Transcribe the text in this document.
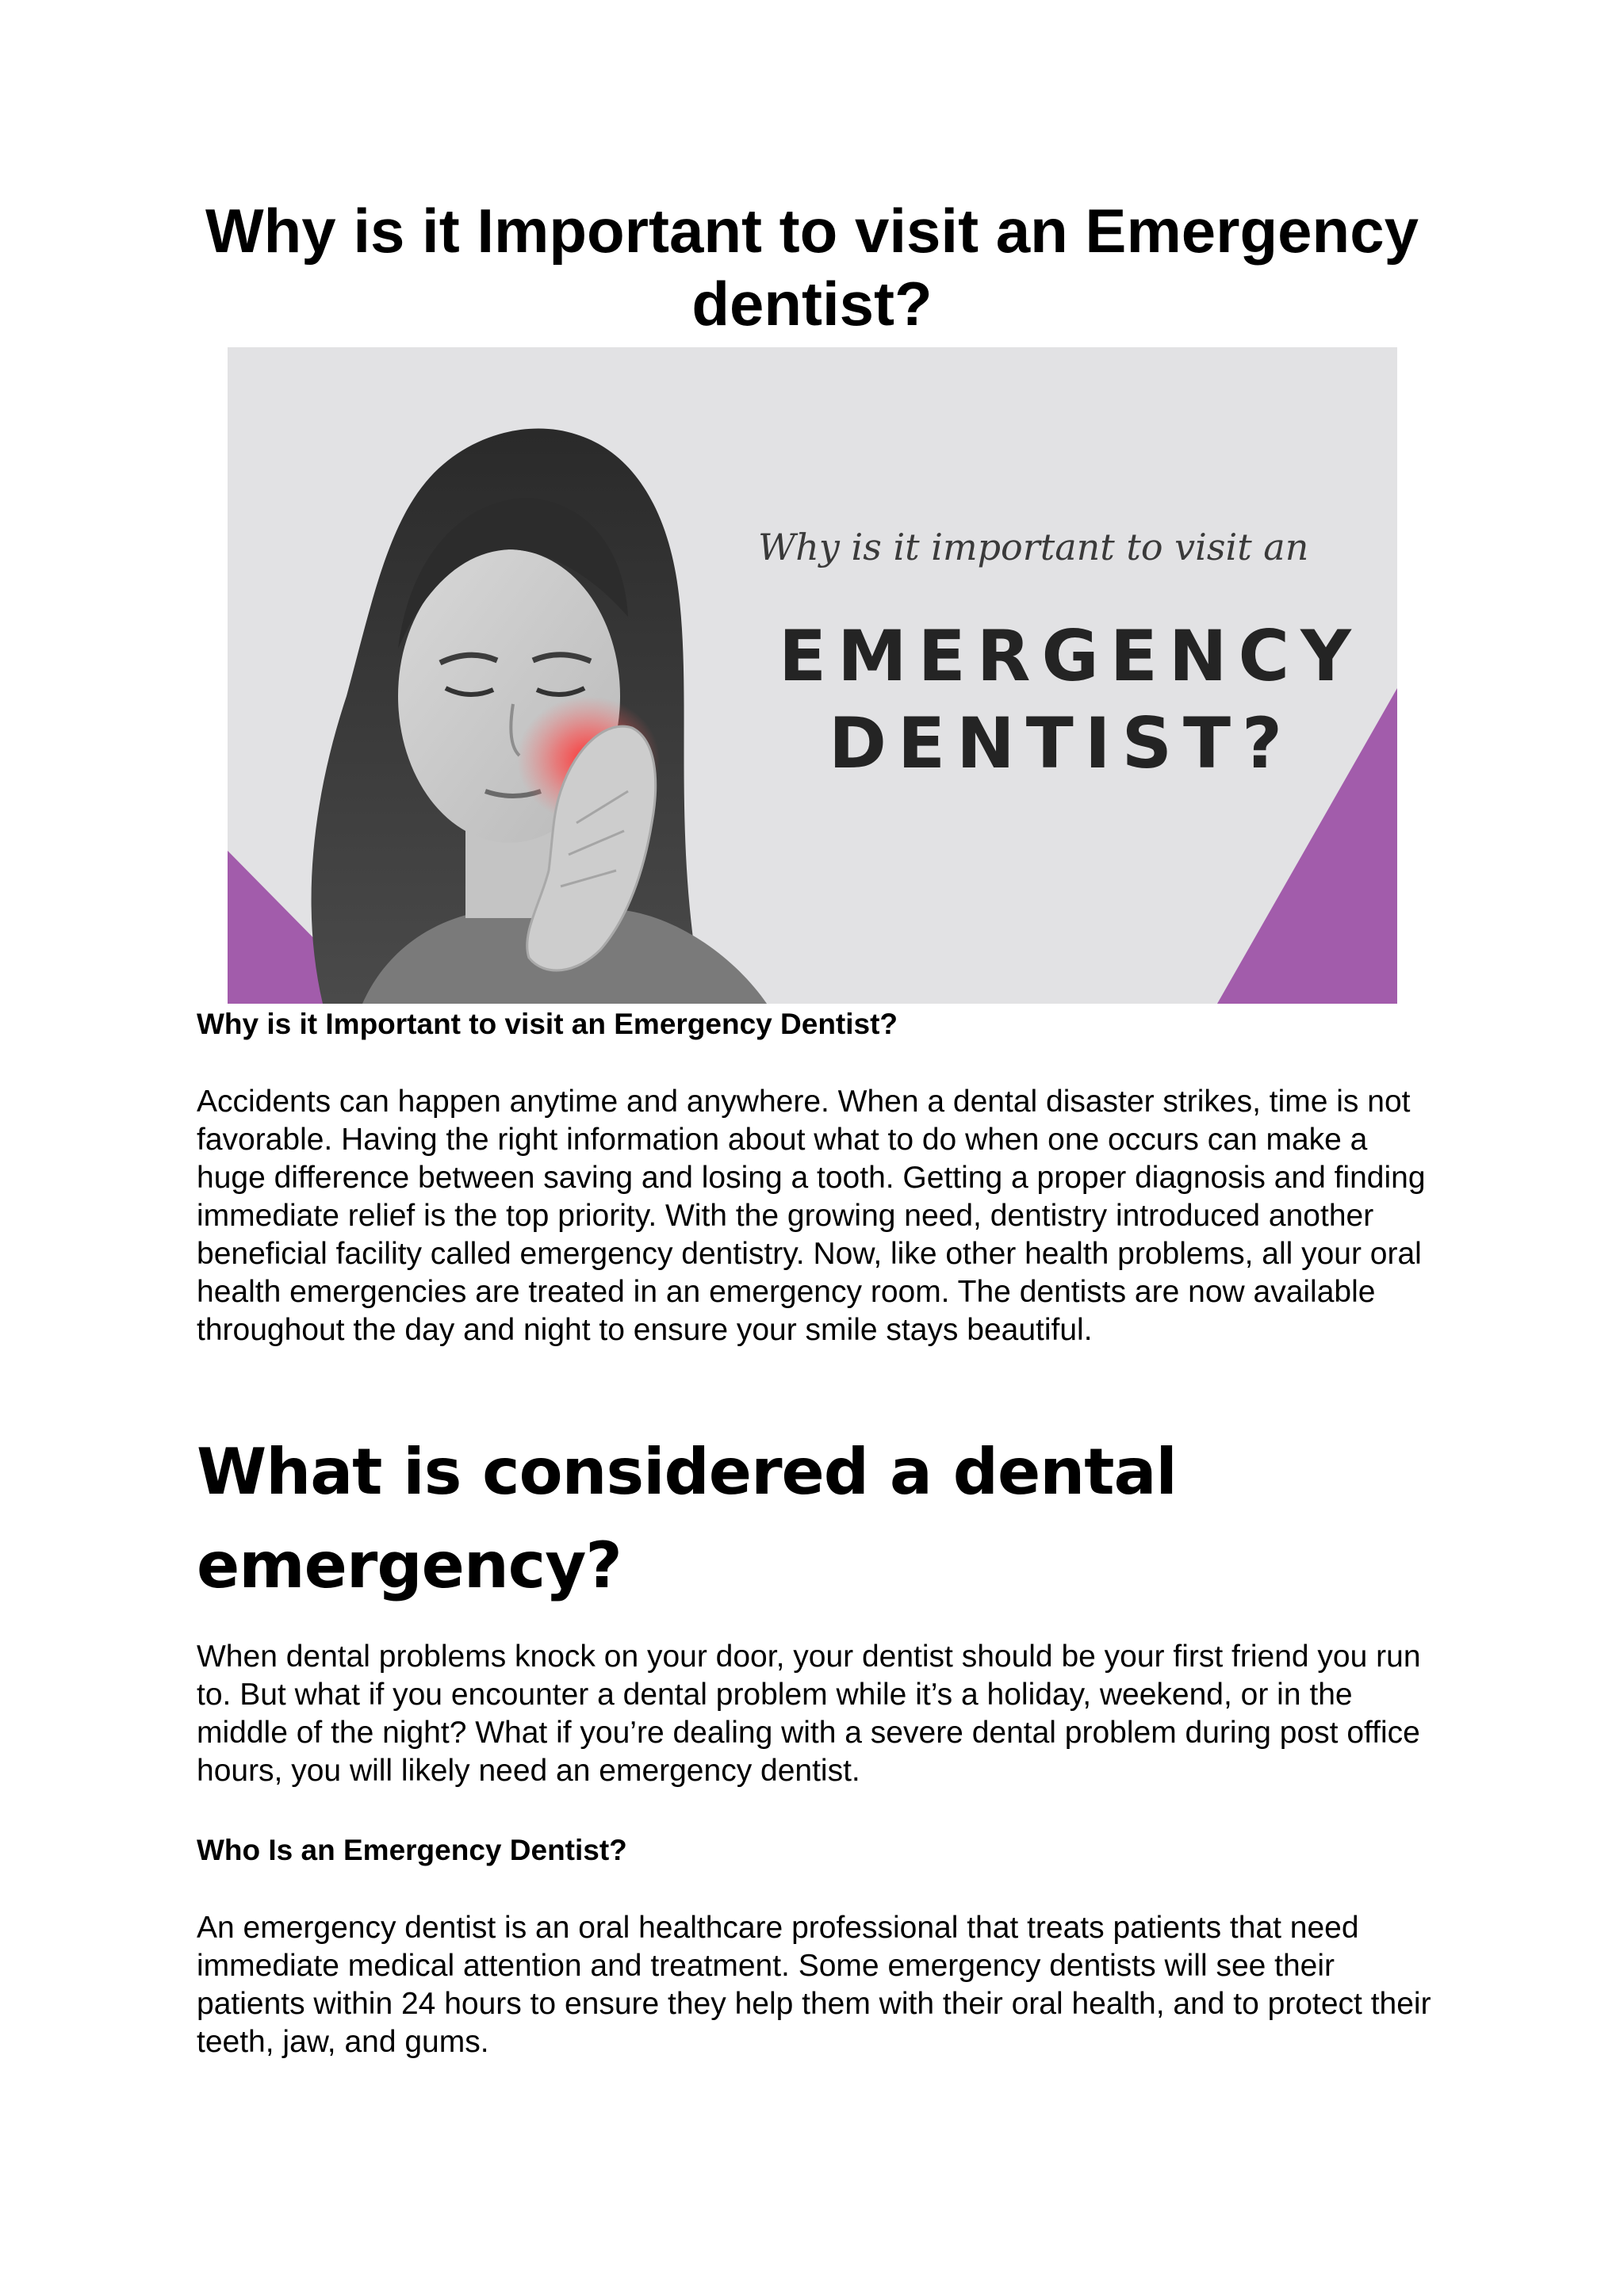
Why is it Important to visit an Emergency dentist?
Why is it important to visit an
EMERGENCY
DENTIST?
Why is it Important to visit an Emergency Dentist?

Accidents can happen anytime and anywhere. When a dental disaster strikes, time is not favorable. Having the right information about what to do when one occurs can make a huge difference between saving and losing a tooth. Getting a proper diagnosis and finding immediate relief is the top priority. With the growing need, dentistry introduced another beneficial facility called emergency dentistry. Now, like other health problems, all your oral health emergencies are treated in an emergency room. The dentists are now available throughout the day and night to ensure your smile stays beautiful.

What is considered a dental emergency?

When dental problems knock on your door, your dentist should be your first friend you run to. But what if you encounter a dental problem while it’s a holiday, weekend, or in the middle of the night? What if you’re dealing with a severe dental problem during post office hours, you will likely need an emergency dentist.

Who Is an Emergency Dentist?

An emergency dentist is an oral healthcare professional that treats patients that need immediate medical attention and treatment. Some emergency dentists will see their patients within 24 hours to ensure they help them with their oral health, and to protect their teeth, jaw, and gums.
